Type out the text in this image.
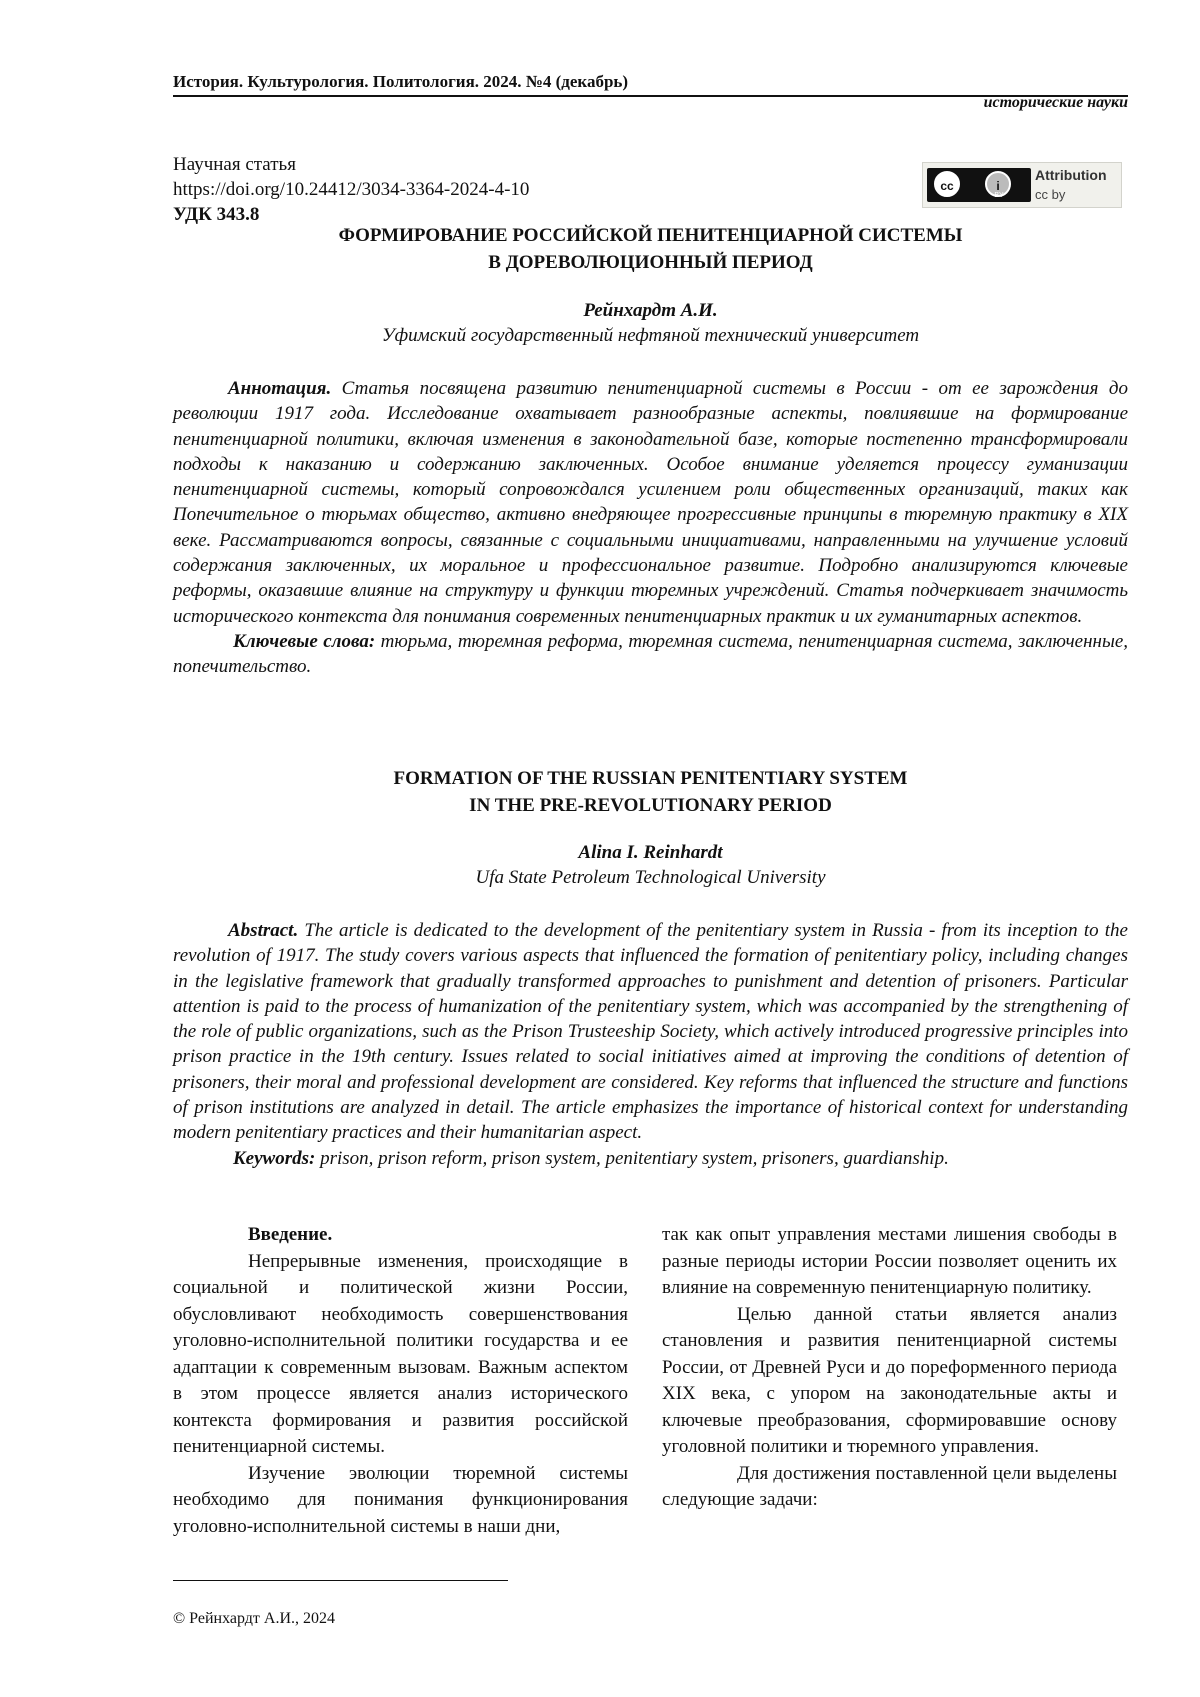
История. Культурология. Политология. 2024. №4 (декабрь)
исторические науки
Научная статья
https://doi.org/10.24412/3034-3364-2024-4-10
УДК 343.8
cc	i
BY
Attribution
cc by
ФОРМИРОВАНИЕ РОССИЙСКОЙ ПЕНИТЕНЦИАРНОЙ СИСТЕМЫ
В ДОРЕВОЛЮЦИОННЫЙ ПЕРИОД
Рейнхардт А.И.
Уфимский государственный нефтяной технический университет

Аннотация. Статья посвящена развитию пенитенциарной системы в России - от ее зарождения до революции 1917 года. Исследование охватывает разнообразные аспекты, повлиявшие на формирование пенитенциарной политики, включая изменения в законодательной базе, которые постепенно трансформировали подходы к наказанию и содержанию заключенных. Особое внимание уделяется процессу гуманизации пенитенциарной системы, который сопровождался усилением роли общественных организаций, таких как Попечительное о тюрьмах общество, активно внедряющее прогрессивные принципы в тюремную практику в XIX веке. Рассматриваются вопросы, связанные с социальными инициативами, направленными на улучшение условий содержания заключенных, их моральное и профессиональное развитие. Подробно анализируются ключевые реформы, оказавшие влияние на структуру и функции тюремных учреждений. Статья подчеркивает значимость исторического контекста для понимания современных пенитенциарных практик и их гуманитарных аспектов.

Ключевые слова: тюрьма, тюремная реформа, тюремная система, пенитенциарная система, заключенные, попечительство.

FORMATION OF THE RUSSIAN PENITENTIARY SYSTEM
IN THE PRE-REVOLUTIONARY PERIOD
Alina I. Reinhardt
Ufa State Petroleum Technological University

Abstract. The article is dedicated to the development of the penitentiary system in Russia - from its inception to the revolution of 1917. The study covers various aspects that influenced the formation of penitentiary policy, including changes in the legislative framework that gradually transformed approaches to punishment and detention of prisoners. Particular attention is paid to the process of humanization of the penitentiary system, which was accompanied by the strengthening of the role of public organizations, such as the Prison Trusteeship Society, which actively introduced progressive principles into prison practice in the 19th century. Issues related to social initiatives aimed at improving the conditions of detention of prisoners, their moral and professional development are considered. Key reforms that influenced the structure and functions of prison institutions are analyzed in detail. The article emphasizes the importance of historical context for understanding modern penitentiary practices and their humanitarian aspect.

Keywords: prison, prison reform, prison system, penitentiary system, prisoners, guardianship.

Введение.

Непрерывные изменения, происходящие в социальной и политической жизни России, обусловливают необходимость совершенствования уголовно-исполнительной политики государства и ее адаптации к современным вызовам. Важным аспектом в этом процессе является анализ исторического контекста формирования и развития российской пенитенциарной системы.

Изучение эволюции тюремной системы необходимо для понимания функционирования уголовно-исполнительной системы в наши дни,

так как опыт управления местами лишения свободы в разные периоды истории России позволяет оценить их влияние на современную пенитенциарную политику.

Целью данной статьи является анализ становления и развития пенитенциарной системы России, от Древней Руси и до пореформенного периода XIX века, с упором на законодательные акты и ключевые преобразования, сформировавшие основу уголовной политики и тюремного управления.

Для достижения поставленной цели выделены следующие задачи:

© Рейнхардт А.И., 2024
